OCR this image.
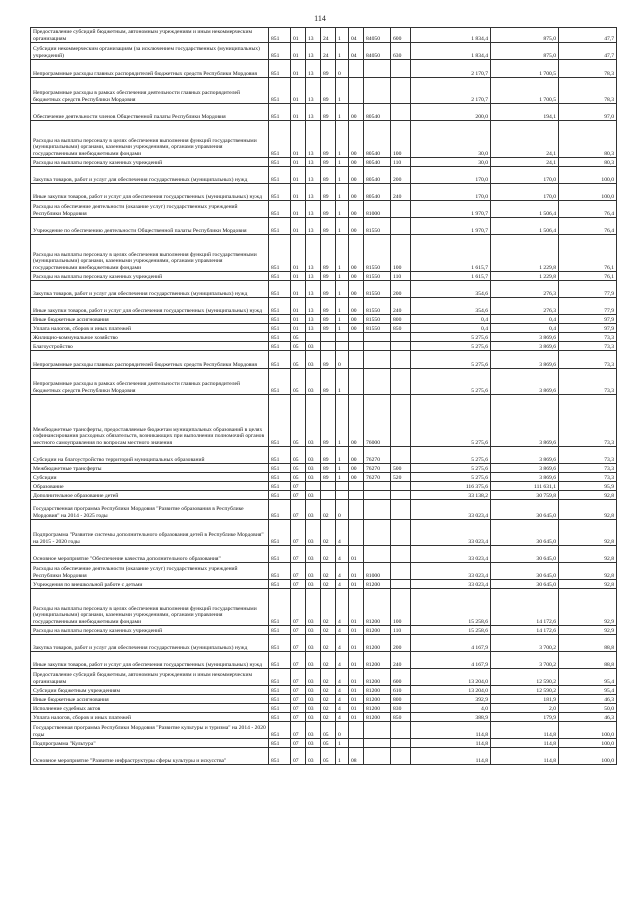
114
Предоставление субсидий бюджетным, автономным учреждениям и иным некоммерческим организациям	851	01	13	24	1	04	84050	600	1 834,4	875,0	47,7
Субсидии некоммерческим организациям (за исключением государственных (муниципальных) учреждений)	851	01	13	24	1	04	84050	630	1 834,4	875,0	47,7
Непрограммные расходы главных распорядителей бюджетных средств Республики Мордовия	851	01	13	89	0				2 170,7	1 700,5	78,3
Непрограммные расходы в рамках обеспечения деятельности главных распорядителей бюджетных средств Республики Мордовия	851	01	13	89	1				2 170,7	1 700,5	78,3
Обеспечение деятельности членов Общественной палаты Республики Мордовия	851	01	13	89	1	00	80540		200,0	194,1	97,0
Расходы на выплаты персоналу в целях обеспечения выполнения функций государственными (муниципальными) органами, казенными учреждениями, органами управления государственными внебюджетными фондами	851	01	13	89	1	00	80540	100	30,0	24,1	80,3
Расходы на выплаты персоналу казенных учреждений	851	01	13	89	1	00	80540	110	30,0	24,1	80,3
Закупка товаров, работ и услуг для обеспечения государственных (муниципальных) нужд	851	01	13	89	1	00	80540	200	170,0	170,0	100,0
Иные закупки товаров, работ и услуг для обеспечения государственных (муниципальных) нужд	851	01	13	89	1	00	80540	240	170,0	170,0	100,0
Расходы на обеспечение деятельности (оказание услуг) государственных учреждений Республики Мордовия	851	01	13	89	1	00	81000		1 970,7	1 506,4	76,4
Учреждение по обеспечению деятельности Общественной палаты Республики Мордовия	851	01	13	89	1	00	81550		1 970,7	1 506,4	76,4
Расходы на выплаты персоналу в целях обеспечения выполнения функций государственными (муниципальными) органами, казенными учреждениями, органами управления государственными внебюджетными фондами	851	01	13	89	1	00	81550	100	1 615,7	1 229,8	76,1
Расходы на выплаты персоналу казенных учреждений	851	01	13	89	1	00	81550	110	1 615,7	1 229,8	76,1
Закупка товаров, работ и услуг для обеспечения государственных (муниципальных) нужд	851	01	13	89	1	00	81550	200	354,6	276,3	77,9
Иные закупки товаров, работ и услуг для обеспечения государственных (муниципальных) нужд	851	01	13	89	1	00	81550	240	354,6	276,3	77,9
Иные бюджетные ассигнования	851	01	13	89	1	00	81550	800	0,4	0,4	97,9
Уплата налогов, сборов и иных платежей	851	01	13	89	1	00	81550	850	0,4	0,4	97,9
Жилищно-коммунальное хозяйство	851	05							5 275,6	3 869,6	73,3
Благоустройство	851	05	03						5 275,6	3 869,6	73,3
Непрограммные расходы главных распорядителей бюджетных средств Республики Мордовия	851	05	03	89	0				5 275,6	3 869,6	73,3
Непрограммные расходы в рамках обеспечения деятельности главных распорядителей бюджетных средств Республики Мордовия	851	05	03	89	1				5 275,6	3 869,6	73,3
Межбюджетные трансферты, предоставляемые бюджетам муниципальных образований в целях софинансирования расходных обязательств, возникающих при выполнении полномочий органов местного самоуправления по вопросам местного значения	851	05	03	89	1	00	76000		5 275,6	3 869,6	73,3
Субсидии на благоустройство территорий муниципальных образований	851	05	03	89	1	00	76270		5 275,6	3 869,6	73,3
Межбюджетные трансферты	851	05	03	89	1	00	76270	500	5 275,6	3 869,6	73,3
Субсидии	851	05	03	89	1	00	76270	520	5 275,6	3 869,6	73,3
Образование	851	07							116 375,6	111 631,1	95,9
Дополнительное образование детей	851	07	03						33 138,2	30 759,8	92,8
Государственная программа Республики Мордовия "Развитие образования в Республике Мордовия" на 2014 - 2025 годы	851	07	03	02	0				33 023,4	30 645,0	92,8
Подпрограмма "Развитие системы дополнительного образования детей в Республике Мордовия" на 2015 - 2020 годы	851	07	03	02	4				33 023,4	30 645,0	92,8
Основное мероприятие "Обеспечение качества дополнительного образования"	851	07	03	02	4	01			33 023,4	30 645,0	92,8
Расходы на обеспечение деятельности (оказание услуг) государственных учреждений Республики Мордовия	851	07	03	02	4	01	81000		33 023,4	30 645,0	92,8
Учреждения по внешкольной работе с детьми	851	07	03	02	4	01	81200		33 023,4	30 645,0	92,8
Расходы на выплаты персоналу в целях обеспечения выполнения функций государственными (муниципальными) органами, казенными учреждениями, органами управления государственными внебюджетными фондами	851	07	03	02	4	01	81200	100	15 258,6	14 172,6	92,9
Расходы на выплаты персоналу казенных учреждений	851	07	03	02	4	01	81200	110	15 258,6	14 172,6	92,9
Закупка товаров, работ и услуг для обеспечения государственных (муниципальных) нужд	851	07	03	02	4	01	81200	200	4 167,9	3 700,2	88,8
Иные закупки товаров, работ и услуг для обеспечения государственных (муниципальных) нужд	851	07	03	02	4	01	81200	240	4 167,9	3 700,2	88,8
Предоставление субсидий бюджетным, автономным учреждениям и иным некоммерческим организациям	851	07	03	02	4	01	81200	600	13 204,0	12 590,2	95,4
Субсидии бюджетным учреждениям	851	07	03	02	4	01	81200	610	13 204,0	12 590,2	95,4
Иные бюджетные ассигнования	851	07	03	02	4	01	81200	800	392,9	181,9	46,3
Исполнение судебных актов	851	07	03	02	4	01	81200	830	4,0	2,0	50,0
Уплата налогов, сборов и иных платежей	851	07	03	02	4	01	81200	850	388,9	179,9	46,3
Государственная программа Республики Мордовия "Развитие культуры и туризма" на 2014 - 2020 годы	851	07	03	05	0				114,8	114,8	100,0
Подпрограмма "Культура"	851	07	03	05	1				114,8	114,8	100,0
Основное мероприятие "Развитие инфраструктуры сферы культуры и искусства"	851	07	03	05	1	08			114,8	114,8	100,0
